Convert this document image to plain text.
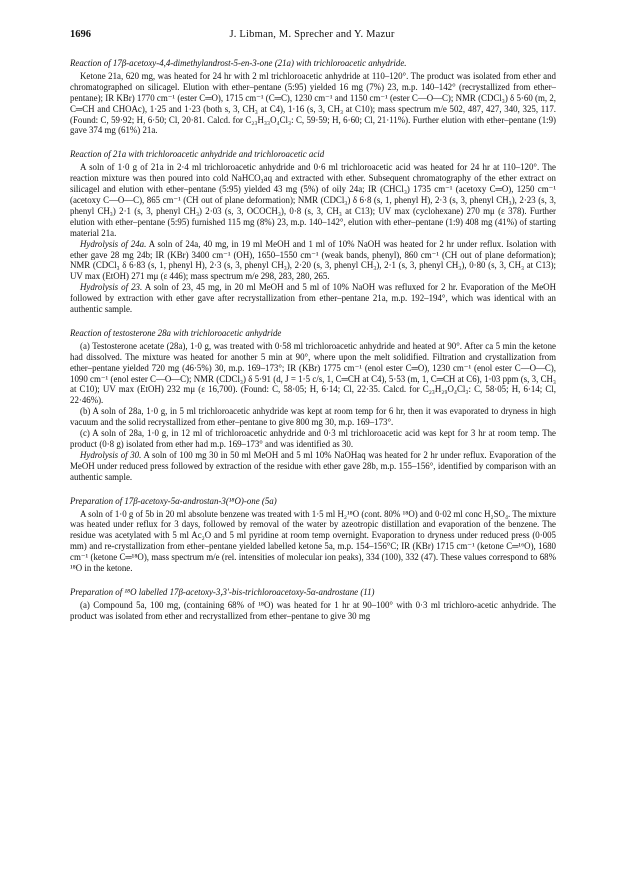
1696	J. Libman, M. Sprecher and Y. Mazur
Reaction of 17β-acetoxy-4,4-dimethylandrost-5-en-3-one (21a) with trichloroacetic anhydride.

Ketone 21a, 620 mg, was heated for 24 hr with 2 ml trichloroacetic anhydride at 110–120°. The product was isolated from ether and chromatographed on silicagel. Elution with ether–pentane (5:95) yielded 16 mg (7%) 23, m.p. 140–142° (recrystallized from ether–pentane); IR KBr) 1770 cm⁻¹ (ester C═O), 1715 cm⁻¹ (C═C), 1230 cm⁻¹ and 1150 cm⁻¹ (ester C—O—C); NMR (CDCl₃) δ 5·60 (m, 2, C═CH and CHOAc), 1·25 and 1·23 (both s, 3, CH₃ at C4), 1·16 (s, 3, CH₃ at C10); mass spectrum m/e 502, 487, 427, 340, 325, 117. (Found: C, 59·92; H, 6·50; Cl, 20·81. Calcd. for C₂₃H₃₃O₄Cl₃: C, 59·59; H, 6·60; Cl, 21·11%). Further elution with ether–pentane (1:9) gave 374 mg (61%) 21a.

Reaction of 21a with trichloroacetic anhydride and trichloroacetic acid

A soln of 1·0 g of 21a in 2·4 ml trichloroacetic anhydride and 0·6 ml trichloroacetic acid was heated for 24 hr at 110–120°. The reaction mixture was then poured into cold NaHCO₃aq and extracted with ether. Subsequent chromatography of the ether extract on silicagel and elution with ether–pentane (5:95) yielded 43 mg (5%) of oily 24a; IR (CHCl₃) 1735 cm⁻¹ (acetoxy C═O), 1250 cm⁻¹ (acetoxy C—O—C), 865 cm⁻¹ (CH out of plane deformation); NMR (CDCl₃) δ 6·8 (s, 1, phenyl H), 2·3 (s, 3, phenyl CH₃), 2·23 (s, 3, phenyl CH₃) 2·1 (s, 3, phenyl CH₃) 2·03 (s, 3, OCOCH₃), 0·8 (s, 3, CH₃ at C13); UV max (cyclohexane) 270 mμ (ε 378). Further elution with ether–pentane (5:95) furnished 115 mg (8%) 23, m.p. 140–142°, elution with ether–pentane (1:9) 408 mg (41%) of starting material 21a.

Hydrolysis of 24a. A soln of 24a, 40 mg, in 19 ml MeOH and 1 ml of 10% NaOH was heated for 2 hr under reflux. Isolation with ether gave 28 mg 24b; IR (KBr) 3400 cm⁻¹ (OH), 1650–1550 cm⁻¹ (weak bands, phenyl), 860 cm⁻¹ (CH out of plane deformation); NMR (CDCl₃ δ 6·83 (s, 1, phenyl H), 2·3 (s, 3, phenyl CH₃), 2·20 (s, 3, phenyl CH₃), 2·1 (s, 3, phenyl CH₃), 0·80 (s, 3, CH₃ at C13); UV max (EtOH) 271 mμ (ε 446); mass spectrum m/e 298, 283, 280, 265.

Hydrolysis of 23. A soln of 23, 45 mg, in 20 ml MeOH and 5 ml of 10% NaOH was refluxed for 2 hr. Evaporation of the MeOH followed by extraction with ether gave after recrystallization from ether–pentane 21a, m.p. 192–194°, which was identical with an authentic sample.

Reaction of testosterone 28a with trichloroacetic anhydride

(a) Testosterone acetate (28a), 1·0 g, was treated with 0·58 ml trichloroacetic anhydride and heated at 90°. After ca 5 min the ketone had dissolved. The mixture was heated for another 5 min at 90°, where upon the melt solidified. Filtration and crystallization from ether–pentane yielded 720 mg (46·5%) 30, m.p. 169–173°; IR (KBr) 1775 cm⁻¹ (enol ester C═O), 1230 cm⁻¹ (enol ester C—O—C), 1090 cm⁻¹ (enol ester C—O—C); NMR (CDCl₃) δ 5·91 (d, J = 1·5 c/s, 1, C═CH at C4), 5·53 (m, 1, C═CH at C6), 1·03 ppm (s, 3, CH₃ at C10); UV max (EtOH) 232 mμ (ε 16,700). (Found: C, 58·05; H, 6·14; Cl, 22·35. Calcd. for C₂₃H₂₉O₄Cl₃: C, 58·05; H, 6·14; Cl, 22·46%).

(b) A soln of 28a, 1·0 g, in 5 ml trichloroacetic anhydride was kept at room temp for 6 hr, then it was evaporated to dryness in high vacuum and the solid recrystallized from ether–pentane to give 800 mg 30, m.p. 169–173°.

(c) A soln of 28a, 1·0 g, in 12 ml of trichloroacetic anhydride and 0·3 ml trichloroacetic acid was kept for 3 hr at room temp. The product (0·8 g) isolated from ether had m.p. 169–173° and was identified as 30.

Hydrolysis of 30. A soln of 100 mg 30 in 50 ml MeOH and 5 ml 10% NaOHaq was heated for 2 hr under reflux. Evaporation of the MeOH under reduced press followed by extraction of the residue with ether gave 28b, m.p. 155–156°, identified by comparison with an authentic sample.

Preparation of 17β-acetoxy-5α-androstan-3(¹⁸O)-one (5a)

A soln of 1·0 g of 5b in 20 ml absolute benzene was treated with 1·5 ml H₂¹⁸O (cont. 80% ¹⁸O) and 0·02 ml conc H₂SO₄. The mixture was heated under reflux for 3 days, followed by removal of the water by azeotropic distillation and evaporation of the benzene. The residue was acetylated with 5 ml Ac₂O and 5 ml pyridine at room temp overnight. Evaporation to dryness under reduced press (0·005 mm) and re-crystallization from ether–pentane yielded labelled ketone 5a, m.p. 154–156°C; IR (KBr) 1715 cm⁻¹ (ketone C═¹⁶O), 1680 cm⁻¹ (ketone C═¹⁸O), mass spectrum m/e (rel. intensities of molecular ion peaks), 334 (100), 332 (47). These values correspond to 68% ¹⁸O in the ketone.

Preparation of ¹⁸O labelled 17β-acetoxy-3,3′-bis-trichloroacetoxy-5α-androstane (11)

(a) Compound 5a, 100 mg, (containing 68% of ¹⁸O) was heated for 1 hr at 90–100° with 0·3 ml trichloro-acetic anhydride. The product was isolated from ether and recrystallized from ether–pentane to give 30 mg
